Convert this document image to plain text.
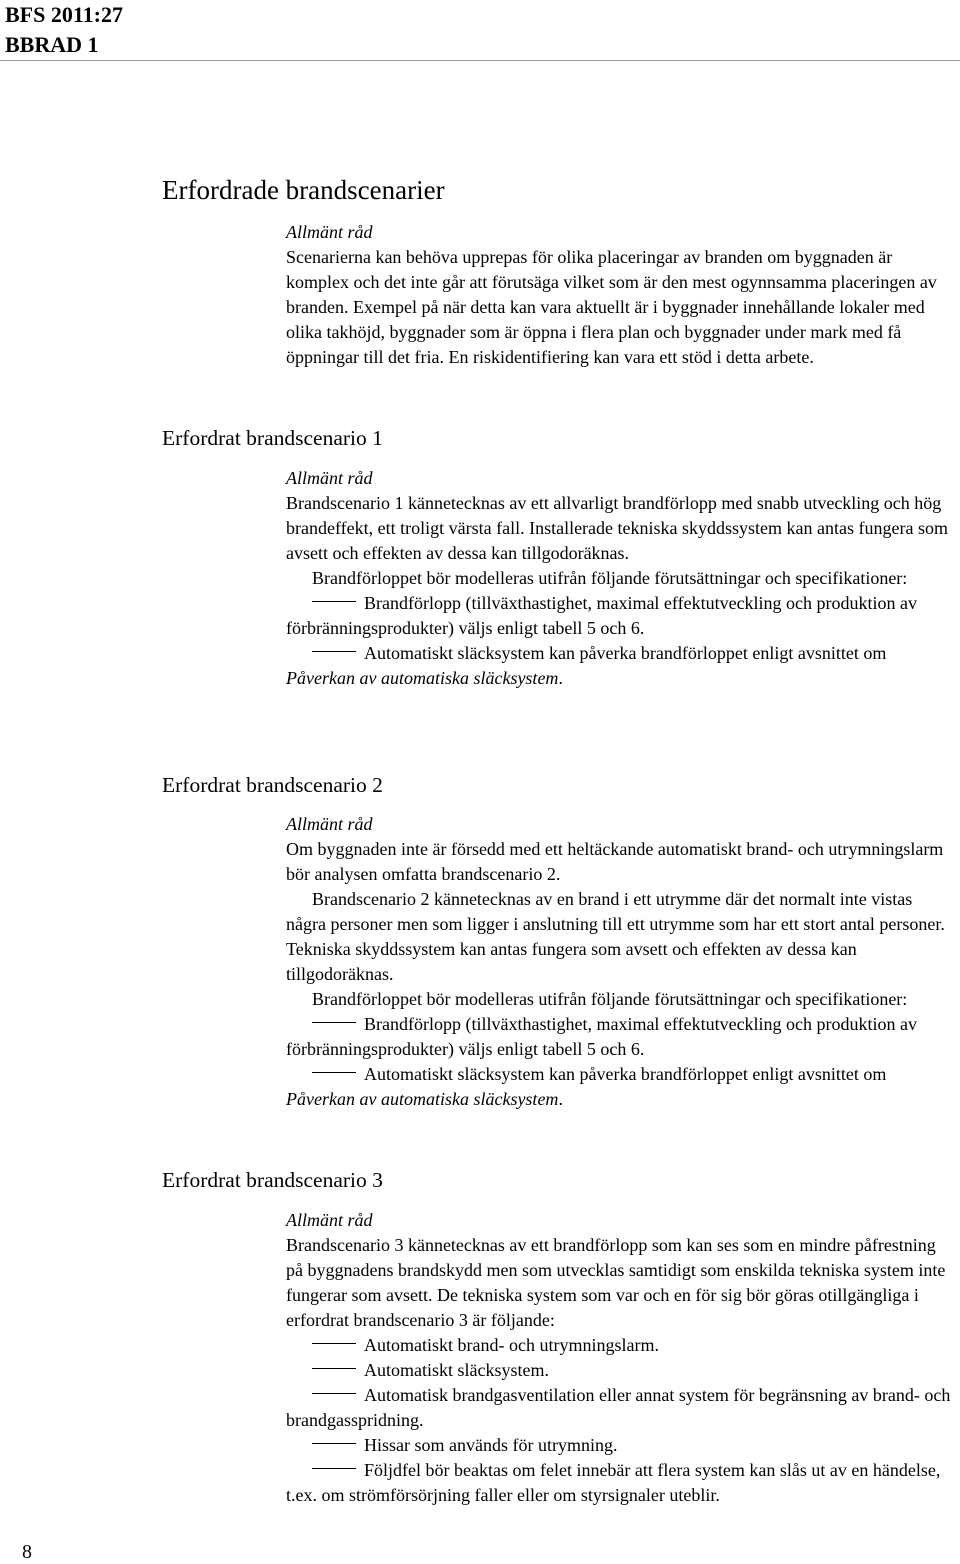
BFS 2011:27
BBRAD 1
Erfordrade brandscenarier
Allmänt råd

Scenarierna kan behöva upprepas för olika placeringar av branden om byggnaden är komplex och det inte går att förutsäga vilket som är den mest ogynnsamma placeringen av branden. Exempel på när detta kan vara aktuellt är i byggnader innehållande lokaler med olika takhöjd, byggnader som är öppna i flera plan och byggnader under mark med få öppningar till det fria. En riskidentifiering kan vara ett stöd i detta arbete.

Erfordrat brandscenario 1
Allmänt råd

Brandscenario 1 kännetecknas av ett allvarligt brandförlopp med snabb utveckling och hög brandeffekt, ett troligt värsta fall. Installerade tekniska skyddssystem kan antas fungera som avsett och effekten av dessa kan tillgodoräknas.

Brandförloppet bör modelleras utifrån följande förutsättningar och specifikationer:

Brandförlopp (tillväxthastighet, maximal effektutveckling och produktion av förbränningsprodukter) väljs enligt tabell 5 och 6.

Automatiskt släcksystem kan påverka brandförloppet enligt avsnittet om Påverkan av automatiska släcksystem.

Erfordrat brandscenario 2
Allmänt råd

Om byggnaden inte är försedd med ett heltäckande automatiskt brand- och utrymningslarm bör analysen omfatta brandscenario 2.

Brandscenario 2 kännetecknas av en brand i ett utrymme där det normalt inte vistas några personer men som ligger i anslutning till ett utrymme som har ett stort antal personer. Tekniska skyddssystem kan antas fungera som avsett och effekten av dessa kan tillgodoräknas.

Brandförloppet bör modelleras utifrån följande förutsättningar och specifikationer:

Brandförlopp (tillväxthastighet, maximal effektutveckling och produktion av förbränningsprodukter) väljs enligt tabell 5 och 6.

Automatiskt släcksystem kan påverka brandförloppet enligt avsnittet om Påverkan av automatiska släcksystem.

Erfordrat brandscenario 3
Allmänt råd

Brandscenario 3 kännetecknas av ett brandförlopp som kan ses som en mindre påfrestning på byggnadens brandskydd men som utvecklas samtidigt som enskilda tekniska system inte fungerar som avsett. De tekniska system som var och en för sig bör göras otillgängliga i erfordrat brandscenario 3 är följande:

Automatiskt brand- och utrymningslarm.

Automatiskt släcksystem.

Automatisk brandgasventilation eller annat system för begränsning av brand- och brandgasspridning.

Hissar som används för utrymning.

Följdfel bör beaktas om felet innebär att flera system kan slås ut av en händelse, t.ex. om strömförsörjning faller eller om styrsignaler uteblir.

8
